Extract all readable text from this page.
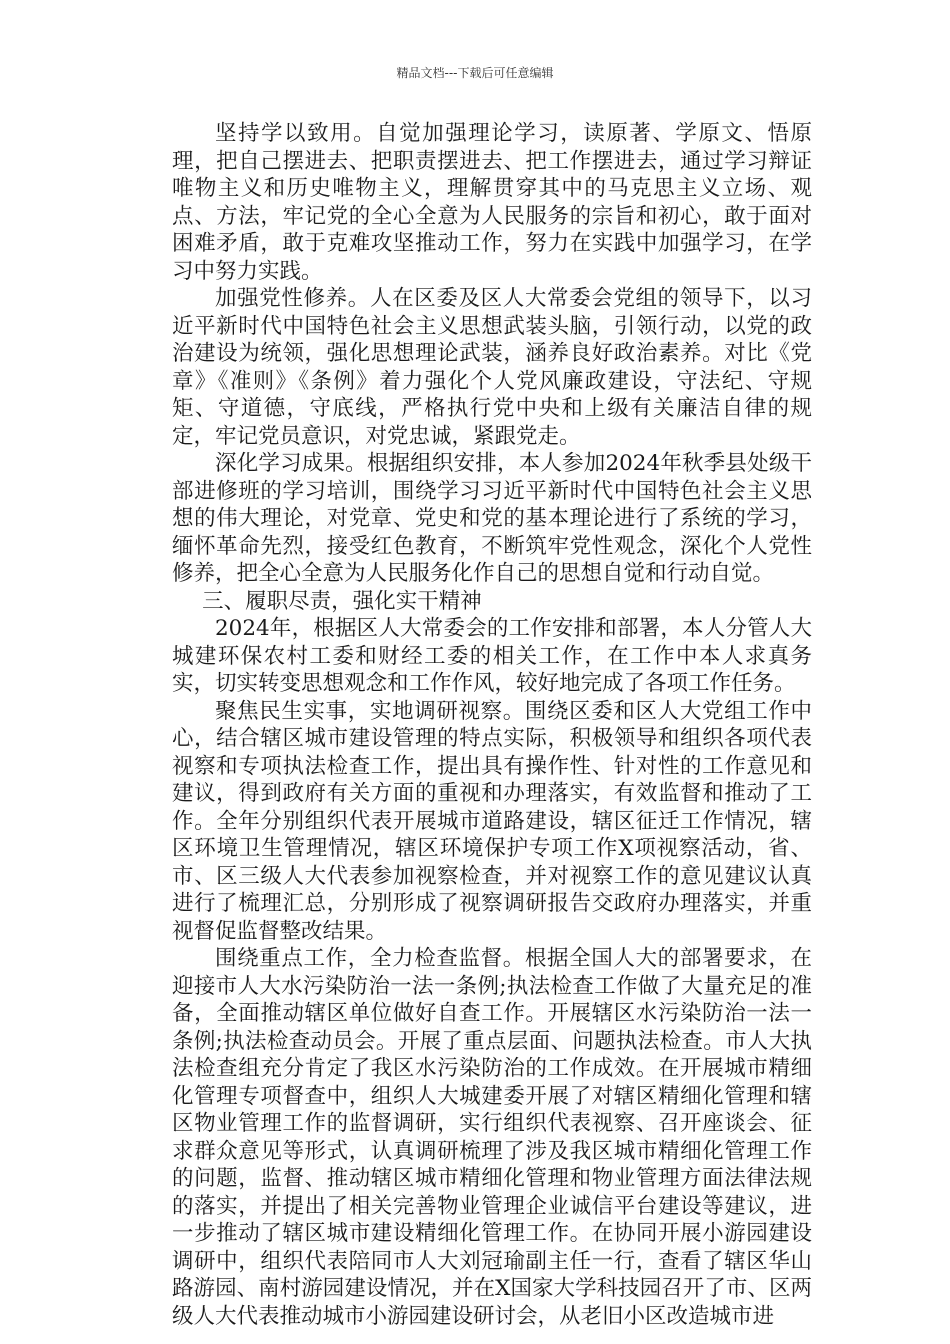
精品文档---下载后可任意编辑

坚持学以致用。自觉加强理论学习，读原著、学原文、悟原理，把自己摆进去、把职责摆进去、把工作摆进去，通过学习辩证唯物主义和历史唯物主义，理解贯穿其中的马克思主义立场、观点、方法，牢记党的全心全意为人民服务的宗旨和初心，敢于面对困难矛盾，敢于克难攻坚推动工作，努力在实践中加强学习，在学习中努力实践。

加强党性修养。人在区委及区人大常委会党组的领导下，以习近平新时代中国特色社会主义思想武装头脑，引领行动，以党的政治建设为统领，强化思想理论武装，涵养良好政治素养。对比《党章》《准则》《条例》着力强化个人党风廉政建设，守法纪、守规矩、守道德，守底线，严格执行党中央和上级有关廉洁自律的规定，牢记党员意识，对党忠诚，紧跟党走。

深化学习成果。根据组织安排，本人参加2024年秋季县处级干部进修班的学习培训，围绕学习习近平新时代中国特色社会主义思想的伟大理论，对党章、党史和党的基本理论进行了系统的学习，缅怀革命先烈，接受红色教育，不断筑牢党性观念，深化个人党性修养，把全心全意为人民服务化作自己的思想自觉和行动自觉。

三、履职尽责，强化实干精神

2024年，根据区人大常委会的工作安排和部署，本人分管人大城建环保农村工委和财经工委的相关工作，在工作中本人求真务实，切实转变思想观念和工作作风，较好地完成了各项工作任务。

聚焦民生实事，实地调研视察。围绕区委和区人大党组工作中心，结合辖区城市建设管理的特点实际，积极领导和组织各项代表视察和专项执法检查工作，提出具有操作性、针对性的工作意见和建议，得到政府有关方面的重视和办理落实，有效监督和推动了工作。全年分别组织代表开展城市道路建设，辖区征迁工作情况，辖区环境卫生管理情况，辖区环境保护专项工作X项视察活动，省、市、区三级人大代表参加视察检查，并对视察工作的意见建议认真进行了梳理汇总，分别形成了视察调研报告交政府办理落实，并重视督促监督整改结果。

围绕重点工作，全力检查监督。根据全国人大的部署要求，在迎接市人大水污染防治一法一条例;执法检查工作做了大量充足的准备，全面推动辖区单位做好自查工作。开展辖区水污染防治一法一条例;执法检查动员会。开展了重点层面、问题执法检查。市人大执法检查组充分肯定了我区水污染防治的工作成效。在开展城市精细化管理专项督查中，组织人大城建委开展了对辖区精细化管理和辖区物业管理工作的监督调研，实行组织代表视察、召开座谈会、征求群众意见等形式，认真调研梳理了涉及我区城市精细化管理工作的问题，监督、推动辖区城市精细化管理和物业管理方面法律法规的落实，并提出了相关完善物业管理企业诚信平台建设等建议，进一步推动了辖区城市建设精细化管理工作。在协同开展小游园建设调研中，组织代表陪同市人大刘冠瑜副主任一行，查看了辖区华山路游园、南村游园建设情况，并在X国家大学科技园召开了市、区两级人大代表推动城市小游园建设研讨会，从老旧小区改造城市进
